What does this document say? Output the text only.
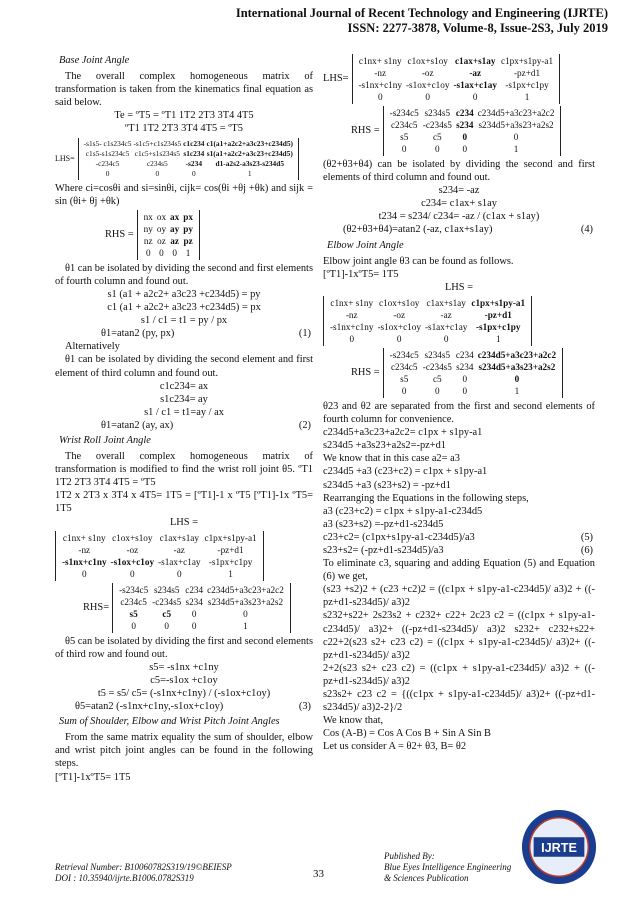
International Journal of Recent Technology and Engineering (IJRTE)
ISSN: 2277-3878, Volume-8, Issue-2S3, July 2019
Base Joint Angle

The overall complex homogeneous matrix of transformation is taken from the kinematics final equation as said below.

Te = ºT5 = ºT1 1T2 2T3 3T4 4T5
ºT1 1T2 2T3 3T4 4T5 = ºT5
LHS=
-s1s5- c1s234c5	-s1c5+c1s234s5	c1c234	c1(a1+a2c2+a3c23+c234d5)
c1s5-s1s234c5	c1c5+s1s234s5	s1c234	s1(a1+a2c2+a3c23+c234d5)
-c234c5	c234s5	-s234	d1-a2s2-a3s23-s234d5
0	0	0	1

Where ci=cosθi and si=sinθi, cijk= cos(θi +θj +θk) and sijk = sin (θi+ θj +θk)

RHS =
nx	ox	ax	px
ny	oy	ay	py
nz	oz	az	pz
0	0	0	1

θ1 can be isolated by dividing the second and first elements of fourth column and found out.

s1 (a1 + a2c2+ a3c23 +c234d5) = py
c1 (a1 + a2c2+ a3c23 +c234d5) = px
s1 / c1 = t1 = py / px
θ1=atan2 (py, px)	(1)

Alternatively

θ1 can be isolated by dividing the second element and first element of third column and found out.

c1c234= ax
s1c234= ay
s1 / c1 = t1=ay / ax
θ1=atan2 (ay, ax)	(2)
Wrist Roll Joint Angle

The overall complex homogeneous matrix of transformation is modified to find the wrist roll joint θ5. ºT1 1T2 2T3 3T4 4T5 = ºT5

1T2 x 2T3 x 3T4 x 4T5= 1T5 = [ºT1]-1 x ºT5 [ºT1]-1x ºT5= 1T5

LHS =
c1nx+ s1ny	c1ox+s1oy	c1ax+s1ay	c1px+s1py-a1
-nz	-oz	-az	-pz+d1
-s1nx+c1ny	-s1ox+c1oy	-s1ax+c1ay	-s1px+c1py
0	0	0	1
RHS=
-s234c5	s234s5	c234	c234d5+a3c23+a2c2
c234c5	-c234s5	s234	s234d5+a3s23+a2s2
s5	c5	0	0
0	0	0	1

θ5 can be isolated by dividing the first and second elements of third row and found out.

s5= -s1nx +c1ny
c5=-s1ox +c1oy
t5 = s5/ c5= (-s1nx+c1ny) / (-s1ox+c1oy)
θ5=atan2 (-s1nx+c1ny,-s1ox+c1oy)	(3)
Sum of Shoulder, Elbow and Wrist Pitch Joint Angles

From the same matrix equality the sum of shoulder, elbow and wrist pitch joint angles can be found in the following steps.

[ºT1]-1xºT5= 1T5

LHS=
c1nx+ s1ny	c1ox+s1oy	c1ax+s1ay	c1px+s1py-a1
-nz	-oz	-az	-pz+d1
-s1nx+c1ny	-s1ox+c1oy	-s1ax+c1ay	-s1px+c1py
0	0	0	1
RHS =
-s234c5	s234s5	c234	c234d5+a3c23+a2c2
c234c5	-c234s5	s234	s234d5+a3s23+a2s2
s5	c5	0	0
0	0	0	1

(θ2+θ3+θ4) can be isolated by dividing the second and first elements of third column and found out.

s234= -az
c234= c1ax+ s1ay
t234 = s234/ c234= -az / (c1ax + s1ay)
(θ2+θ3+θ4)=atan2 (-az, c1ax+s1ay)	(4)
Elbow Joint Angle

Elbow joint angle θ3 can be found as follows.

[ºT1]-1xºT5= 1T5

LHS =
c1nx+ s1ny	c1ox+s1oy	c1ax+s1ay	c1px+s1py-a1
-nz	-oz	-az	-pz+d1
-s1nx+c1ny	-s1ox+c1oy	-s1ax+c1ay	-s1px+c1py
0	0	0	1
RHS =
-s234c5	s234s5	c234	c234d5+a3c23+a2c2
c234c5	-c234s5	s234	s234d5+a3s23+a2s2
s5	c5	0	0
0	0	0	1

θ23 and θ2 are separated from the first and second elements of fourth column for convenience.

c234d5+a3c23+a2c2= c1px + s1py-a1

s234d5 +a3s23+a2s2=-pz+d1

We know that in this case a2= a3

c234d5 +a3 (c23+c2) = c1px + s1py-a1

s234d5 +a3 (s23+s2) = -pz+d1

Rearranging the Equations in the following steps,

a3 (c23+c2) = c1px + s1py-a1-c234d5

a3 (s23+s2) =-pz+d1-s234d5

c23+c2= (c1px+s1py-a1-c234d5)/a3	(5)
s23+s2= (-pz+d1-s234d5)/a3	(6)

To eliminate c3, squaring and adding Equation (5) and Equation (6) we get,

(s23 +s2)2 + (c23 +c2)2 = ((c1px + s1py-a1-c234d5)/ a3)2 + ((-pz+d1-s234d5)/ a3)2

s232+s22+ 2s23s2 + c232+ c22+ 2c23 c2 = ((c1px + s1py-a1-c234d5)/ a3)2+ ((-pz+d1-s234d5)/ a3)2 s232+ c232+s22+ c22+2(s23 s2+ c23 c2) = ((c1px + s1py-a1-c234d5)/ a3)2+ ((-pz+d1-s234d5)/ a3)2

2+2(s23 s2+ c23 c2) = ((c1px + s1py-a1-c234d5)/ a3)2 + ((-pz+d1-s234d5)/ a3)2

s23s2+ c23 c2 = {((c1px + s1py-a1-c234d5)/ a3)2+ ((-pz+d1-s234d5)/ a3)2-2}/2

We know that,

Cos (A-B) = Cos A Cos B + Sin A Sin B

Let us consider A = θ2+ θ3, B= θ2

Retrieval Number: B10060782S319/19©BEIESP
DOI : 10.35940/ijrte.B1006.0782S319	33
Published By:
Blue Eyes Intelligence Engineering
& Sciences Publication
IJRTE
